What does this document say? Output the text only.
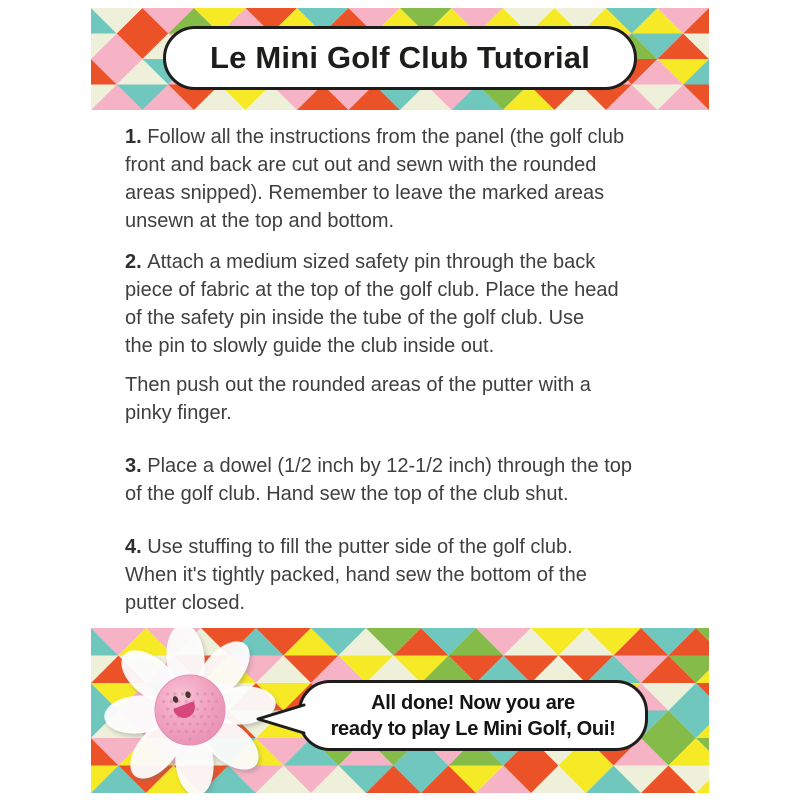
Le Mini Golf Club Tutorial
1. Follow all the instructions from the panel (the golf club
front and back are cut out and sewn with the rounded
areas snipped). Remember to leave the marked areas
unsewn at the top and bottom.
2. Attach a medium sized safety pin through the back
piece of fabric at the top of the golf club. Place the head
of the safety pin inside the tube of the golf club. Use
the pin to slowly guide the club inside out.
Then push out the rounded areas of the putter with a
pinky finger.
3. Place a dowel (1/2 inch by 12-1/2 inch) through the top
of the golf club. Hand sew the top of the club shut.
4. Use stuffing to fill the putter side of the golf club.
When it's tightly packed, hand sew the bottom of the
putter closed.
All done! Now you are
ready to play Le Mini Golf, Oui!
